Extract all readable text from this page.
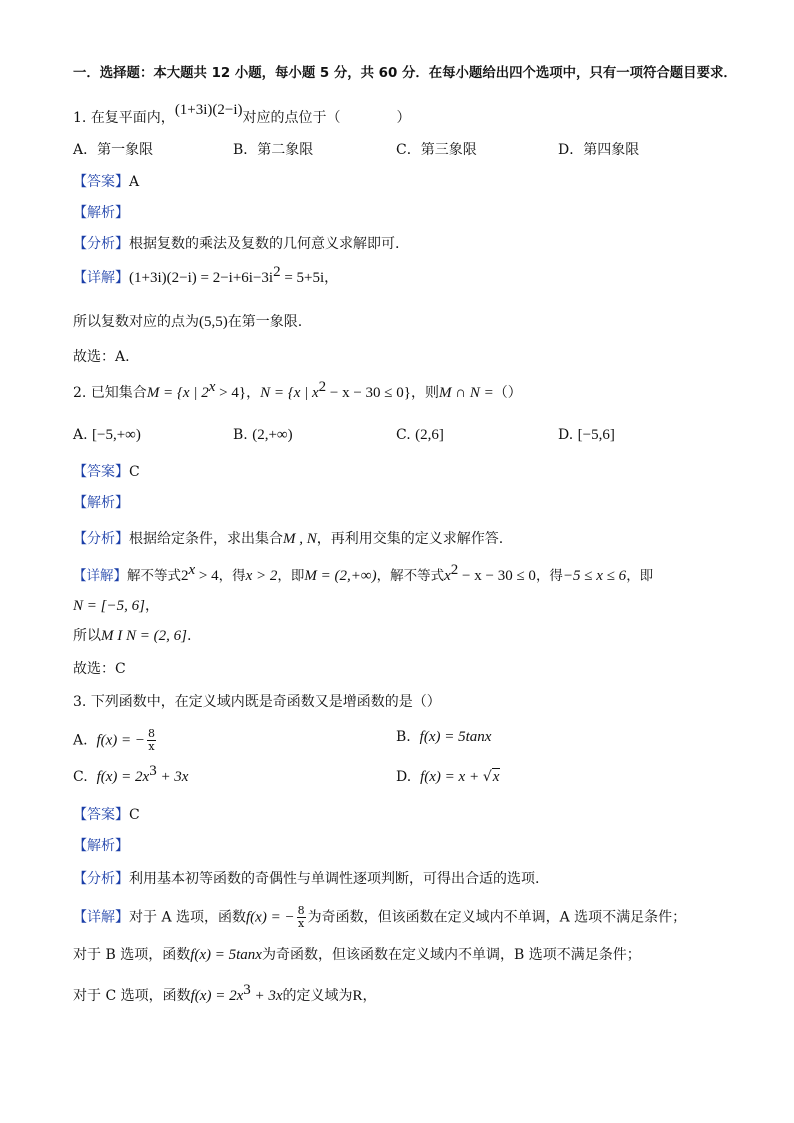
一．选择题：本大题共 12 小题，每小题 5 分，共 60 分．在每小题给出四个选项中，只有一项符合题目要求．
1. 在复平面内，(1+3i)(2−i)对应的点位于（	）
A．第一象限	B．第二象限	C．第三象限	D．第四象限
【答案】A
【解析】
【分析】根据复数的乘法及复数的几何意义求解即可.
【详解】$(1+3i)(2-i) = 2-i+6i-3i^2 = 5+5i$，
所以复数对应的点为(5,5)在第一象限.
故选：A.
2. 已知集合M = {x | $2^x > 4$}，N = {x | $x^2 - x - 30 \le 0$}，则M ∩ N =（）
A. [−5,+∞)	B. (2,+∞)	C. (2,6]	D. [−5,6]
【答案】C
【解析】
【分析】根据给定条件，求出集合M , N，再利用交集的定义求解作答.
【详解】解不等式$2^x > 4$，得x > 2，即M = (2,+∞)，解不等式$x^2 - x - 30 \le 0$，得−5 ≤ x ≤ 6，即
N = [−5, 6]，
所以M I N = (2, 6].
故选：C
3. 下列函数中，在定义域内既是奇函数又是增函数的是（）
A. f(x) = − $\frac{8}{x}$	B. f(x) = 5tanx
C. $f(x) = 2x^3 + 3x$	D. f(x) = x + √x
【答案】C
【解析】
【分析】利用基本初等函数的奇偶性与单调性逐项判断，可得出合适的选项.
【详解】对于 A 选项，函数f(x) = − $\frac{8}{x}$ 为奇函数，但该函数在定义域内不单调，A 选项不满足条件；
对于 B 选项，函数f(x) = 5tanx为奇函数，但该函数在定义域内不单调，B 选项不满足条件；
对于 C 选项，函数$f(x) = 2x^3 + 3x$的定义域为R，
